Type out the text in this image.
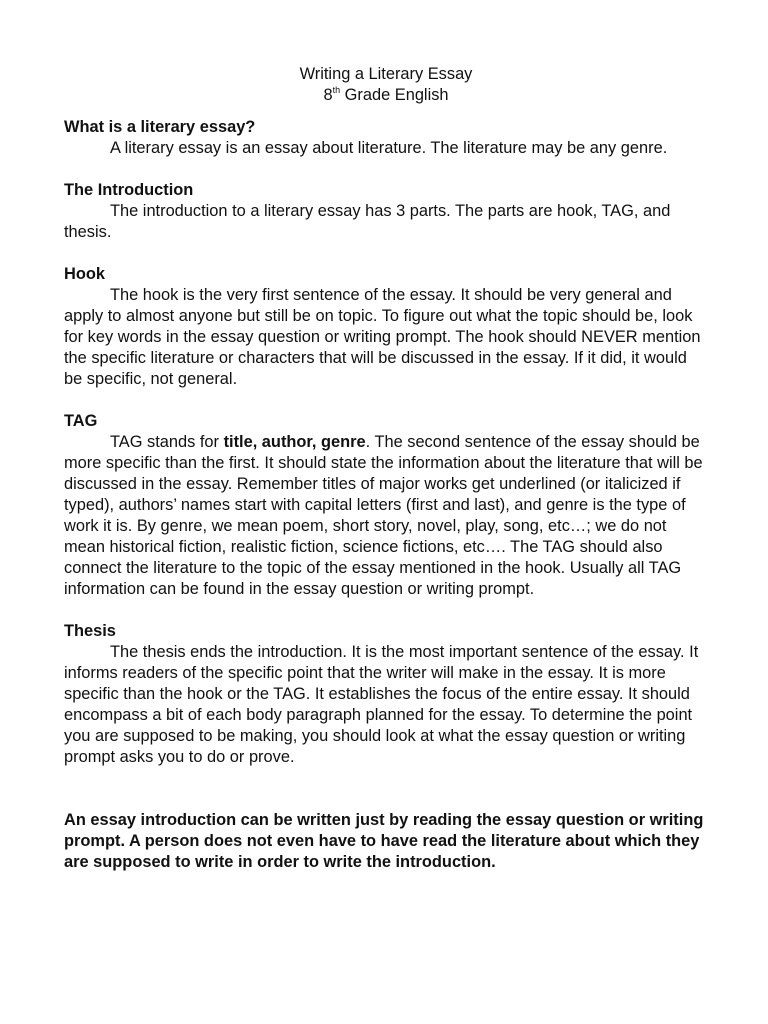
Writing a Literary Essay
8th Grade English
What is a literary essay?

A literary essay is an essay about literature. The literature may be any genre.

The Introduction

The introduction to a literary essay has 3 parts. The parts are hook, TAG, and thesis.

Hook

The hook is the very first sentence of the essay. It should be very general and apply to almost anyone but still be on topic. To figure out what the topic should be, look for key words in the essay question or writing prompt. The hook should NEVER mention the specific literature or characters that will be discussed in the essay. If it did, it would be specific, not general.

TAG

TAG stands for title, author, genre. The second sentence of the essay should be more specific than the first. It should state the information about the literature that will be discussed in the essay. Remember titles of major works get underlined (or italicized if typed), authors’ names start with capital letters (first and last), and genre is the type of work it is. By genre, we mean poem, short story, novel, play, song, etc…; we do not mean historical fiction, realistic fiction, science fictions, etc…. The TAG should also connect the literature to the topic of the essay mentioned in the hook. Usually all TAG information can be found in the essay question or writing prompt.

Thesis

The thesis ends the introduction. It is the most important sentence of the essay. It informs readers of the specific point that the writer will make in the essay. It is more specific than the hook or the TAG. It establishes the focus of the entire essay. It should encompass a bit of each body paragraph planned for the essay. To determine the point you are supposed to be making, you should look at what the essay question or writing prompt asks you to do or prove.

An essay introduction can be written just by reading the essay question or writing prompt. A person does not even have to have read the literature about which they are supposed to write in order to write the introduction.
